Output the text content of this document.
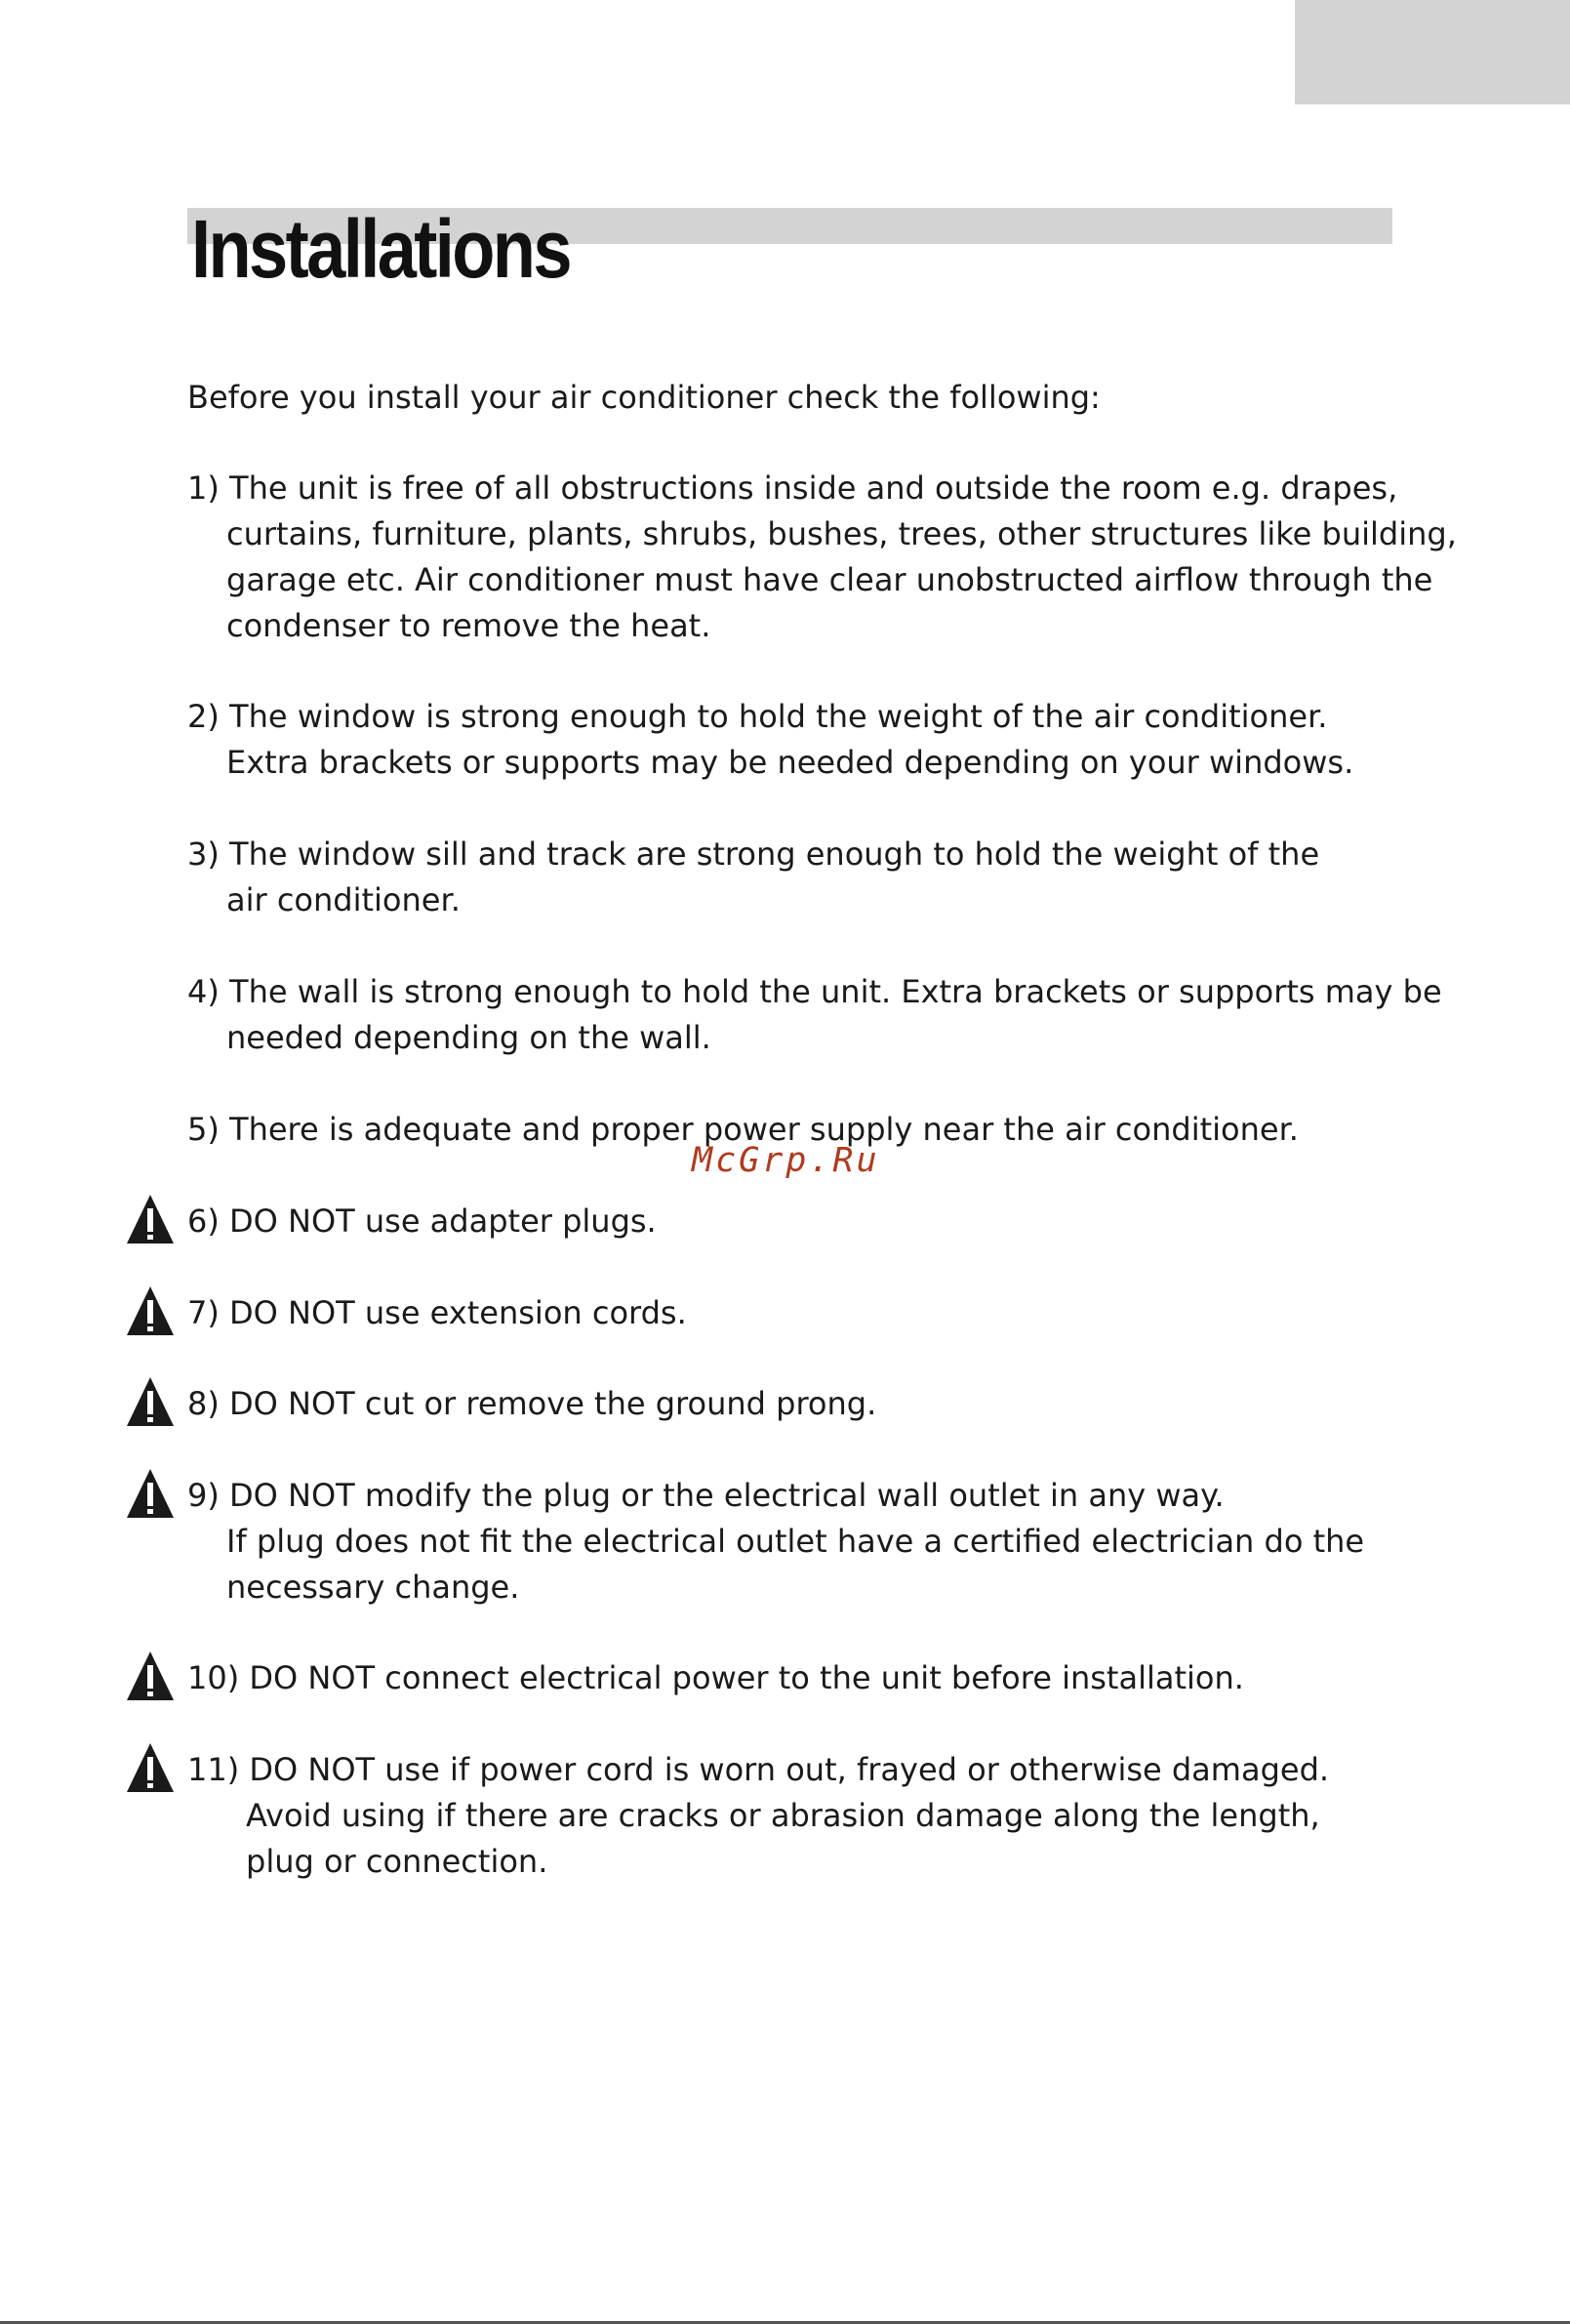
Installations
Before you install your air conditioner check the following:
1) The unit is free of all obstructions inside and outside the room e.g. drapes,
curtains, furniture, plants, shrubs, bushes, trees, other structures like building,
garage etc. Air conditioner must have clear unobstructed airflow through the
condenser to remove the heat.
2) The window is strong enough to hold the weight of the air conditioner.
Extra brackets or supports may be needed depending on your windows.
3) The window sill and track are strong enough to hold the weight of the
air conditioner.
4) The wall is strong enough to hold the unit. Extra brackets or supports may be
needed depending on the wall.
5) There is adequate and proper power supply near the air conditioner.
6) DO NOT use adapter plugs.
7) DO NOT use extension cords.
8) DO NOT cut or remove the ground prong.
9) DO NOT modify the plug or the electrical wall outlet in any way.
If plug does not fit the electrical outlet have a certified electrician do the
necessary change.
10) DO NOT connect electrical power to the unit before installation.
11) DO NOT use if power cord is worn out, frayed or otherwise damaged.
Avoid using if there are cracks or abrasion damage along the length,
plug or connection.
McGrp.Ru
